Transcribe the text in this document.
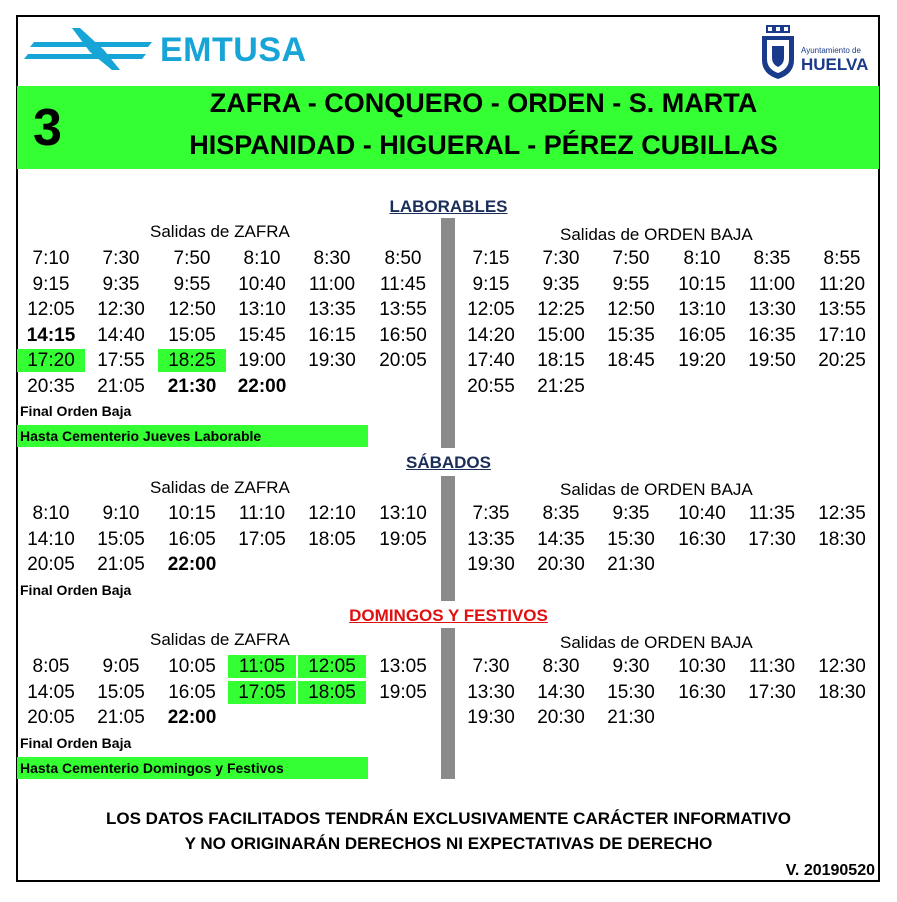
EMTUSA	Ayuntamiento de
HUELVA
3	ZAFRA - CONQUERO - ORDEN - S. MARTA
HISPANIDAD - HIGUERAL - PÉREZ CUBILLAS
LABORABLES
Salidas de ZAFRA	Salidas de ORDEN BAJA
7:10	7:30	7:50	8:10	8:30	8:50
9:15	9:35	9:55	10:40	11:00	11:45
12:05	12:30	12:50	13:10	13:35	13:55
14:15	14:40	15:05	15:45	16:15	16:50
17:20	17:55	18:25	19:00	19:30	20:05
20:35	21:05	21:30	22:00
7:15	7:30	7:50	8:10	8:35	8:55
9:15	9:35	9:55	10:15	11:00	11:20
12:05	12:25	12:50	13:10	13:30	13:55
14:20	15:00	15:35	16:05	16:35	17:10
17:40	18:15	18:45	19:20	19:50	20:25
20:55	21:25
Final Orden Baja
Hasta Cementerio Jueves Laborable
SÁBADOS
Salidas de ZAFRA	Salidas de ORDEN BAJA
8:10	9:10	10:15	11:10	12:10	13:10
14:10	15:05	16:05	17:05	18:05	19:05
20:05	21:05	22:00
7:35	8:35	9:35	10:40	11:35	12:35
13:35	14:35	15:30	16:30	17:30	18:30
19:30	20:30	21:30
Final Orden Baja
DOMINGOS Y FESTIVOS
Salidas de ZAFRA	Salidas de ORDEN BAJA
8:05	9:05	10:05	11:05	12:05	13:05
14:05	15:05	16:05	17:05	18:05	19:05
20:05	21:05	22:00
7:30	8:30	9:30	10:30	11:30	12:30
13:30	14:30	15:30	16:30	17:30	18:30
19:30	20:30	21:30
Final Orden Baja
Hasta Cementerio Domingos y Festivos
LOS DATOS FACILITADOS TENDRÁN EXCLUSIVAMENTE CARÁCTER INFORMATIVO
Y NO ORIGINARÁN DERECHOS NI EXPECTATIVAS DE DERECHO
V. 20190520
